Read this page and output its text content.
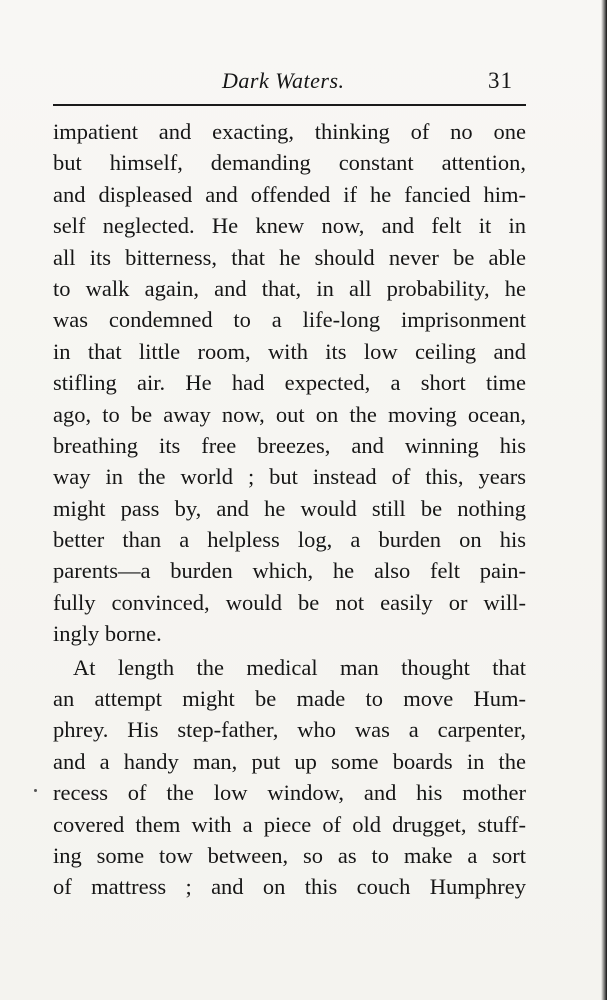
Dark Waters.	31
impatient and exacting, thinking of no one
but himself, demanding constant attention,
and displeased and offended if he fancied him-
self neglected. He knew now, and felt it in
all its bitterness, that he should never be able
to walk again, and that, in all probability, he
was condemned to a life-long imprisonment
in that little room, with its low ceiling and
stifling air. He had expected, a short time
ago, to be away now, out on the moving ocean,
breathing its free breezes, and winning his
way in the world ; but instead of this, years
might pass by, and he would still be nothing
better than a helpless log, a burden on his
parents—a burden which, he also felt pain-
fully convinced, would be not easily or will-
ingly borne.
At length the medical man thought that
an attempt might be made to move Hum-
phrey. His step-father, who was a carpenter,
and a handy man, put up some boards in the
recess of the low window, and his mother
covered them with a piece of old drugget, stuff-
ing some tow between, so as to make a sort
of mattress ; and on this couch Humphrey
